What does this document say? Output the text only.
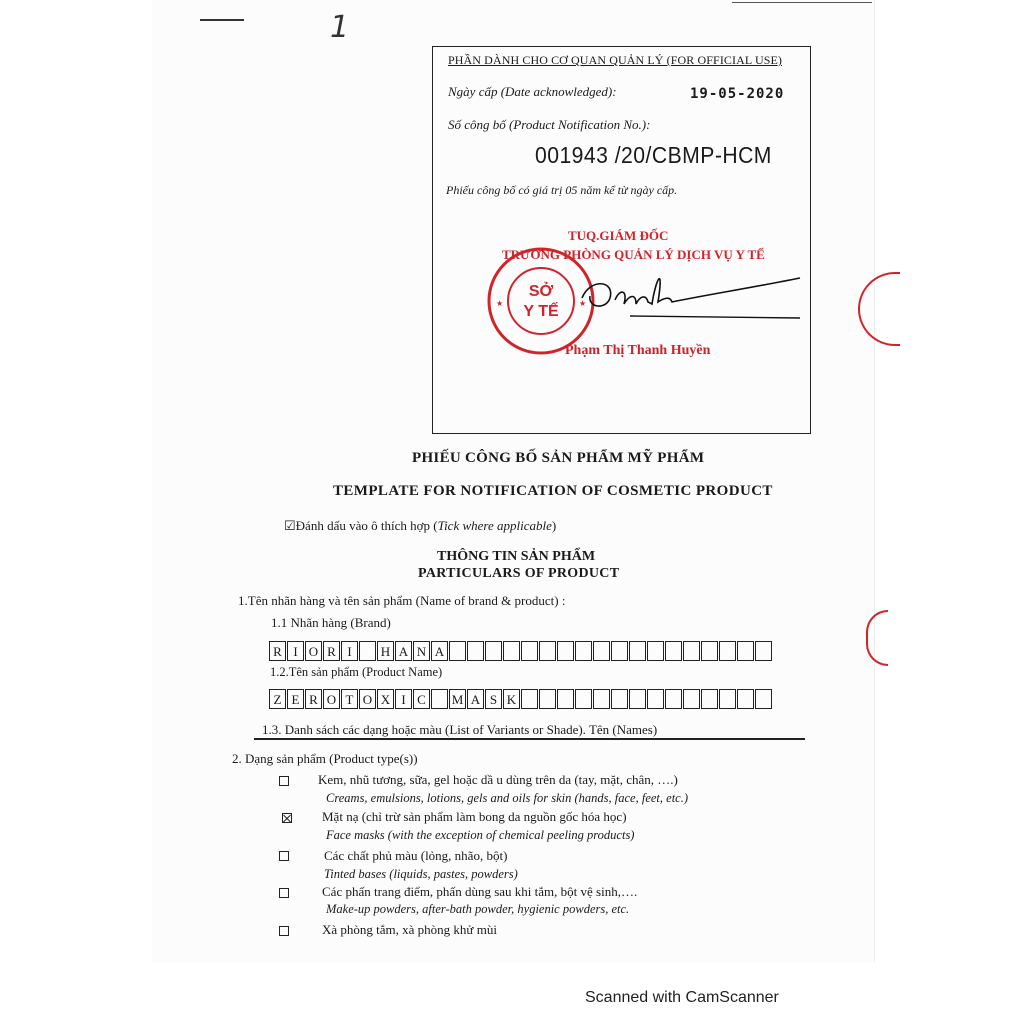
1
PHẦN DÀNH CHO CƠ QUAN QUẢN LÝ (FOR OFFICIAL USE)
Ngày cấp (Date acknowledged):	19-05-2020
Số công bố (Product Notification No.):
001943 /20/CBMP-HCM
Phiếu công bố có giá trị 05 năm kể từ ngày cấp.
SỞ
Y TẾ
★	★
TUQ.GIÁM ĐỐC
TRƯỞNG PHÒNG QUẢN LÝ DỊCH VỤ Y TẾ
Phạm Thị Thanh Huyền
PHIẾU CÔNG BỐ SẢN PHẨM MỸ PHẨM
TEMPLATE FOR NOTIFICATION OF COSMETIC PRODUCT
☑Đánh dấu vào ô thích hợp (Tick where applicable)
THÔNG TIN SẢN PHẨM
PARTICULARS OF PRODUCT
1.Tên nhãn hàng và tên sản phẩm (Name of brand & product) :
1.1 Nhãn hàng (Brand)
R I O R I	H A N A
1.2.Tên sản phẩm (Product Name)
Z E R O T O X I C	M A S K
1.3. Danh sách các dạng hoặc màu (List of Variants or Shade). Tên (Names)
2. Dạng sản phẩm (Product type(s))
Kem, nhũ tương, sữa, gel hoặc dầ u dùng trên da (tay, mặt, chân, ….)
Creams, emulsions, lotions, gels and oils for skin (hands, face, feet, etc.)
Mặt nạ (chỉ trừ sản phẩm làm bong da nguồn gốc hóa học)
Face masks (with the exception of chemical peeling products)
Các chất phủ màu (lỏng, nhão, bột)
Tinted bases (liquids, pastes, powders)
Các phấn trang điểm, phấn dùng sau khi tắm, bột vệ sinh,….
Make-up powders, after-bath powder, hygienic powders, etc.
Xà phòng tắm, xà phòng khử mùi
Scanned with CamScanner
